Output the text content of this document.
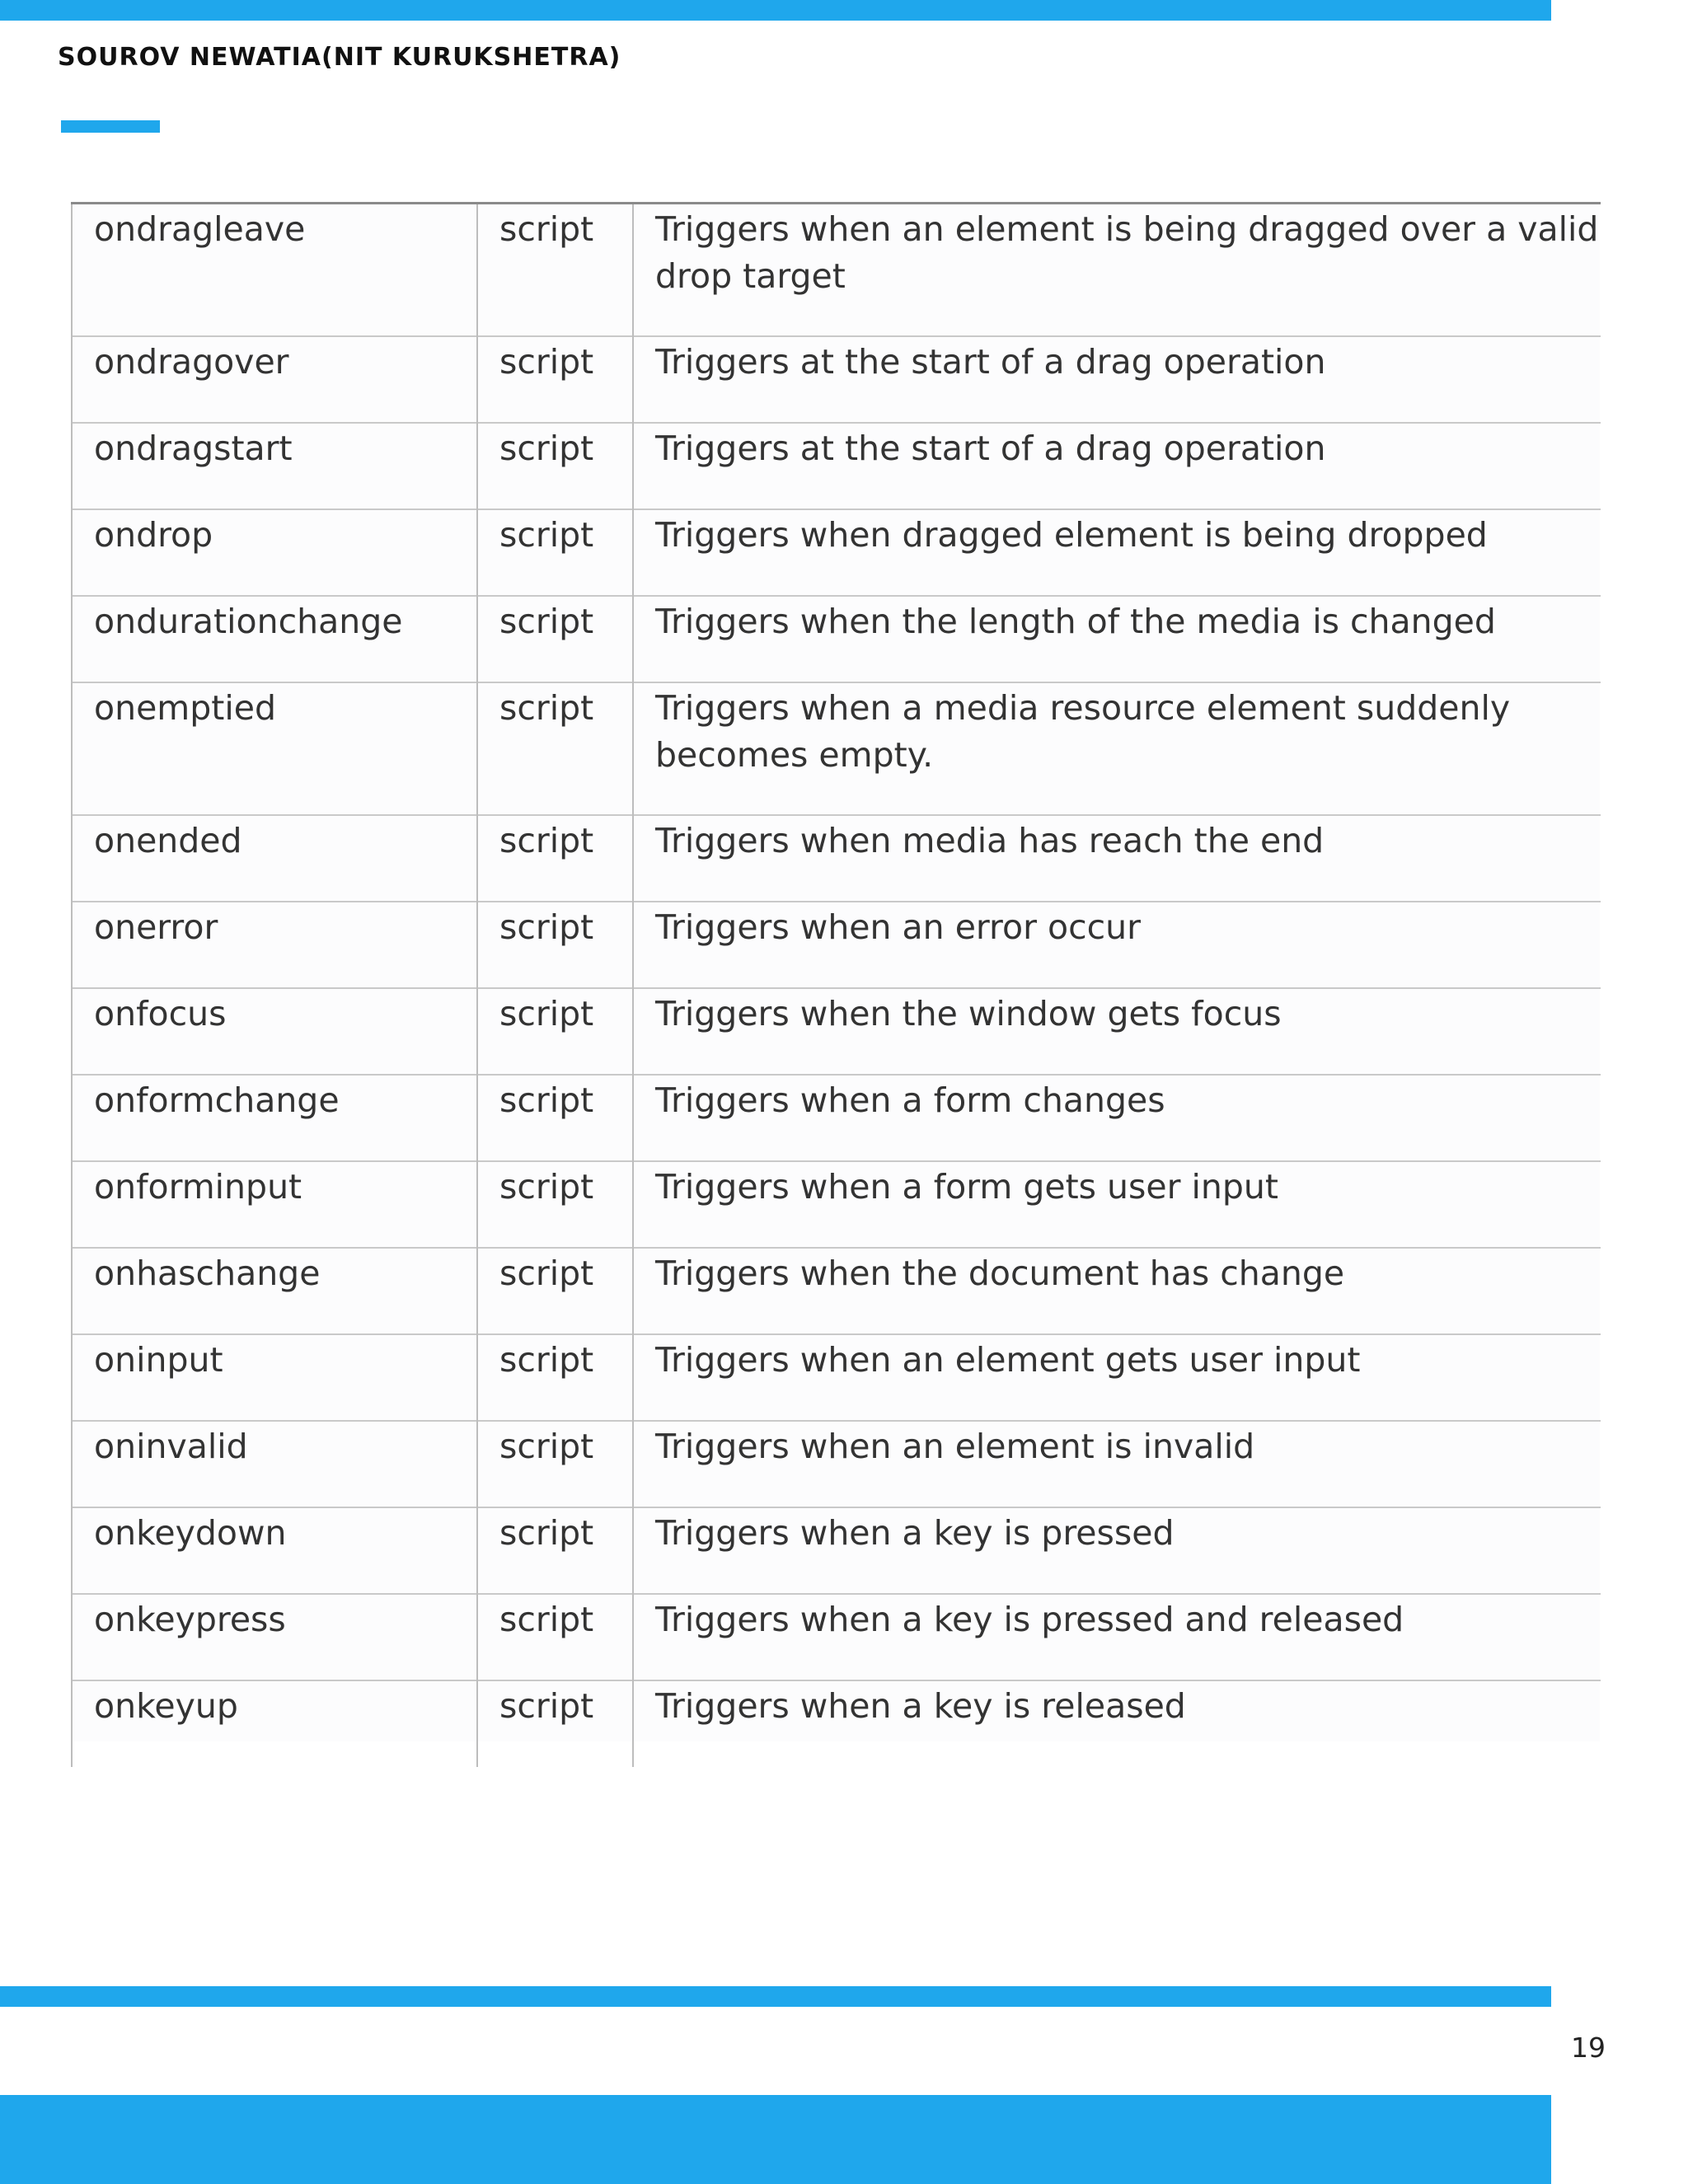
SOUROV NEWATIA(NIT KURUKSHETRA)
ondragleave	script	Triggers when an element is being dragged over a valid drop target
ondragover	script	Triggers at the start of a drag operation
ondragstart	script	Triggers at the start of a drag operation
ondrop	script	Triggers when dragged element is being dropped
ondurationchange	script	Triggers when the length of the media is changed
onemptied	script	Triggers when a media resource element suddenly becomes empty.
onended	script	Triggers when media has reach the end
onerror	script	Triggers when an error occur
onfocus	script	Triggers when the window gets focus
onformchange	script	Triggers when a form changes
onforminput	script	Triggers when a form gets user input
onhaschange	script	Triggers when the document has change
oninput	script	Triggers when an element gets user input
oninvalid	script	Triggers when an element is invalid
onkeydown	script	Triggers when a key is pressed
onkeypress	script	Triggers when a key is pressed and released
onkeyup	script	Triggers when a key is released
19
